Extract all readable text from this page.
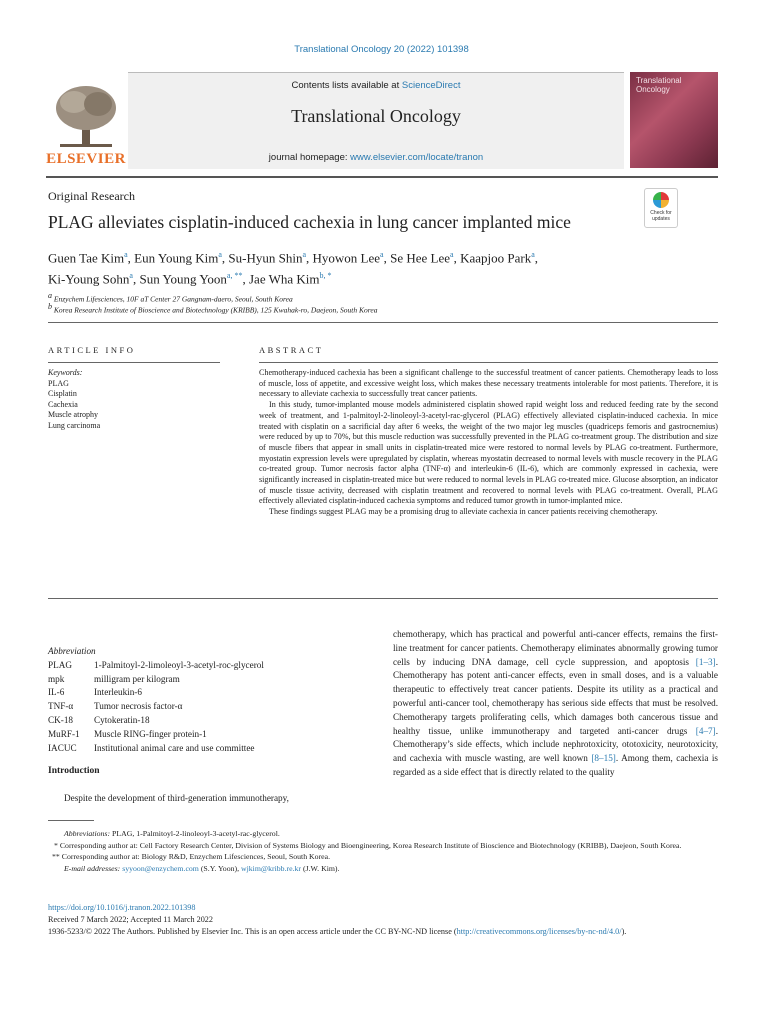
Translational Oncology 20 (2022) 101398
ELSEVIER
Contents lists available at ScienceDirect
Translational Oncology
journal homepage: www.elsevier.com/locate/tranon
Translational Oncology
Original Research
PLAG alleviates cisplatin-induced cachexia in lung cancer implanted mice	Check for updates
Guen Tae Kim$^a$, Eun Young Kim$^a$, Su-Hyun Shin$^a$, Hyowon Lee$^a$, Se Hee Lee$^a$, Kaapjoo Park$^a$,
Ki-Young Sohn$^a$, Sun Young Yoon$^{a, **}$, Jae Wha Kim$^{b, *}$
$^a$ Enzychem Lifesciences, 10F aT Center 27 Gangnam-daero, Seoul, South Korea
$^b$ Korea Research Institute of Bioscience and Biotechnology (KRIBB), 125 Kwahak-ro, Daejeon, South Korea
ARTICLE INFO	ABSTRACT
Keywords:
PLAG
Cisplatin
Cachexia
Muscle atrophy
Lung carcinoma

Chemotherapy-induced cachexia has been a significant challenge to the successful treatment of cancer patients. Chemotherapy leads to loss of muscle, loss of appetite, and excessive weight loss, which makes these necessary treatments intolerable for most patients. Therefore, it is necessary to alleviate cachexia to successfully treat cancer patients.

In this study, tumor-implanted mouse models administered cisplatin showed rapid weight loss and reduced feeding rate by the second week of treatment, and 1-palmitoyl-2-linoleoyl-3-acetyl-rac-glycerol (PLAG) effectively alleviated cisplatin-induced cachexia. In mice treated with cisplatin on a sacrificial day after 6 weeks, the weight of the two major leg muscles (quadriceps femoris and gastrocnemius) were reduced by up to 70%, but this muscle reduction was successfully prevented in the PLAG co-treatment group. The distribution and size of muscle fibers that appear in small units in cisplatin-treated mice were restored to normal levels by PLAG co-treatment. Furthermore, myostatin expression levels were upregulated by cisplatin, whereas myostatin decreased to normal levels with muscle recovery in the PLAG co-treated group. Tumor necrosis factor alpha (TNF-α) and interleukin-6 (IL-6), which are commonly expressed in cachexia, were significantly increased in cisplatin-treated mice but were reduced to normal levels in PLAG co-treated mice. Glucose absorption, an indicator of muscle tissue activity, decreased with cisplatin treatment and recovered to normal levels with PLAG co-treatment. Overall, PLAG effectively alleviated cisplatin-induced cachexia symptoms and reduced tumor growth in tumor-implanted mice.

These findings suggest PLAG may be a promising drug to alleviate cachexia in cancer patients receiving chemotherapy.

Abbreviation
PLAG	1-Palmitoyl-2-limoleoyl-3-acetyl-roc-glycerol
mpk	milligram per kilogram
IL-6	Interleukin-6
TNF-α	Tumor necrosis factor-α
CK-18	Cytokeratin-18
MuRF-1	Muscle RING-finger protein-1
IACUC	Institutional animal care and use committee
Introduction
Despite the development of third-generation immunotherapy,
chemotherapy, which has practical and powerful anti-cancer effects, remains the first-line treatment for cancer patients. Chemotherapy eliminates abnormally growing tumor cells by inducing DNA damage, cell cycle suppression, and apoptosis [1–3]. Chemotherapy has potent anti-cancer effects, even in small doses, and is a valuable therapeutic to effectively treat cancer patients. Despite its utility as a practical and powerful anti-cancer tool, chemotherapy has serious side effects that must be resolved. Chemotherapy targets proliferating cells, which damages both cancerous tissue and healthy tissue, unlike immunotherapy and targeted anti-cancer drugs [4–7]. Chemotherapy’s side effects, which include nephrotoxicity, ototoxicity, neurotoxicity, and cachexia with muscle wasting, are well known [8–15]. Among them, cachexia is regarded as a side effect that is directly related to the quality
Abbreviations: PLAG, 1-Palmitoyl-2-linoleoyl-3-acetyl-rac-glycerol.
* Corresponding author at: Cell Factory Research Center, Division of Systems Biology and Bioengineering, Korea Research Institute of Bioscience and Biotechnology (KRIBB), Daejeon, South Korea.
** Corresponding author at: Biology R&D, Enzychem Lifesciences, Seoul, South Korea.
E-mail addresses: syyoon@enzychem.com (S.Y. Yoon), wjkim@kribb.re.kr (J.W. Kim).
https://doi.org/10.1016/j.tranon.2022.101398
Received 7 March 2022; Accepted 11 March 2022
1936-5233/© 2022 The Authors. Published by Elsevier Inc. This is an open access article under the CC BY-NC-ND license (http://creativecommons.org/licenses/by-nc-nd/4.0/).
